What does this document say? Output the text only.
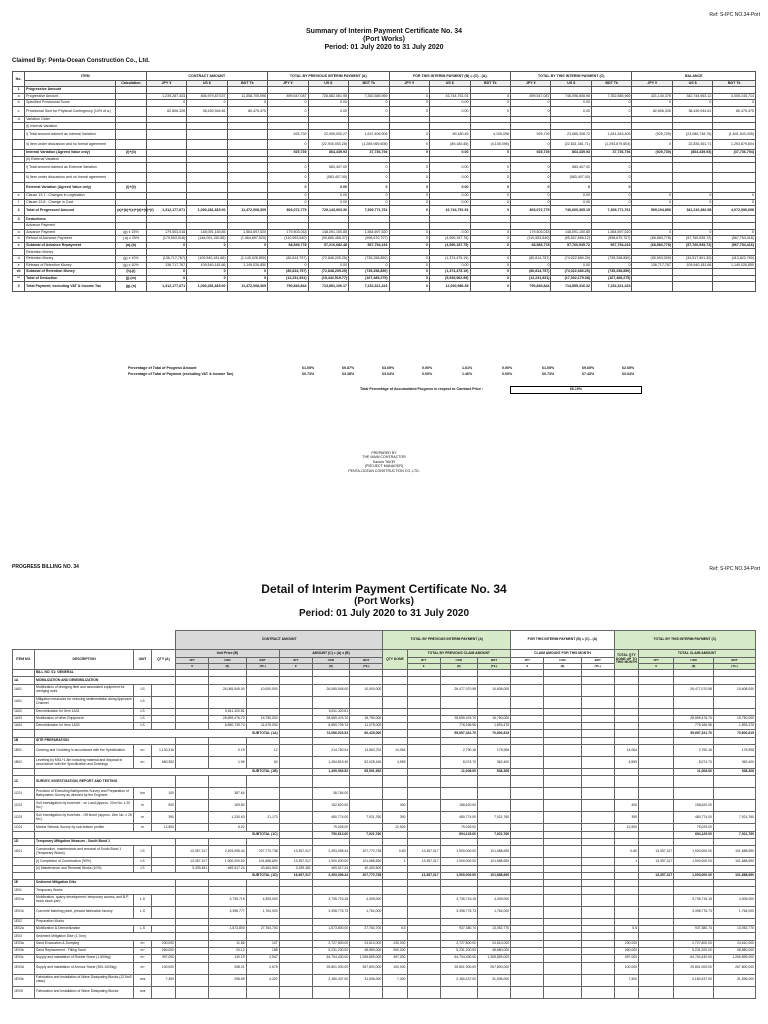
Ref: S-IPC NO.34-Port
Summary of Interim Payment Certificate No. 34
(Port Works)
Period: 01 July 2020 to 31 July 2020
Claimed By: Penta-Ocean Construction Co., Ltd.
No.	ITEM		CONTRACT AMOUNT			TOTAL BY PREVIOUS INTERIM PAYMENT (A)			FOR THIS INTERIM PAYMENT (B) = (C) - (A)			TOTAL BY THIS INTERIM PAYMENT (C)			BALANCE		
		Calculation	JPY ¥	US $	BDT Tk	JPY ¥	US $	BDT Tk	JPY ¥	US $	BDT Tk	JPY ¥	US $	BDT Tk	JPY ¥	US $	BDT Tk
1	Progressive Amount																
a	Progressive Amount		1,239,287,343	836,979,873.57	11,358,700,596	899,547,087	728,882,061.95	7,352,585,969	0	16,744,751.91	0	899,547,087	746,096,808.96	7,352,585,969	421,140,376	342,744,963.12	4,005,145,714
b	Specified Provisional Sums		0	0	0	0	0.00	0	0	0.00	0	0	0.00	0	0	0	0
c	Provisional Sum for Physical Contingency (10% of a.)		82,806,326	38,430,944.81	80,475,475	0	0.00	0	0	0.00	0	0	0.00	0	82,806,326	38,430,944.81	80,475,475
d	Variation Order																
	(i) Internal Variation																
	i) Total amount claimed as Internal Variation					925,739	22,995,000.27	1,637,406,906	0	89,180.45	4,105,096	925,739	23,085,308.72	1,641,543,405	(925,739)	(23,085,738.75)	(1,641,543,405)
	ii) Item under discussion and no formal agreement					0	(22,930,053.28)	(1,289,069,608)	0	(89,180.45)	(4,105,096)	0	(22,831,361.71)	(1,293,879,604)	0	22,830,361.71	1,293,879,604
	Internal Variation (Agreed Value only)	(i)+(ii)				925,739	864,439.93	37,736,794	0	0.00	0	925,739	864,439.93	37,736,794	(925,739)	(864,439.93)	(37,736,794)
	(ii) External Variation																
	i) Total amount claimed as External Variation					0	583,407.00	0	0	0.00	0	0	583,407.00	0			
	ii) Item under discussion and no formal agreement					0	(583,407.00)	0	0	0.00	0	0	(583,407.00)	0			
	External Variation (Agreed Value only)	(i)+(ii)				0	0.00	0	0	0.00	0	0	0	0			
e	Clause 13.7 : Changes in Legislation					0	0.00	0	0	0.00	0	0	0.00	0	0	0	0
f	Clause 13.8 : Change in Cost					0	0.00	0	0	0.00	0	0	0.00	0	0	0	0
2	Total of Progressed Amount	(a)+(b)+(c)+(d)+(e)+(f)	1,312,177,671	1,030,281,815.00	11,472,008,309	803,072,775	729,143,063.30	7,309,771,761	0	16,744,751.91	0	803,072,775	746,600,305.15	7,309,771,761	509,104,896	341,210,382.98	4,072,096,608
3	Deductions																
	Advance Payment																
a	Advance Payment	(g) x 15%	179,503,018	148,091,150.85	1,564,697,520	179,503,018	148,091,150.85	1,564,697,520	0	0.00	0	179,503,018	148,091,150.85	1,564,697,520	0	0	0
b	Refund of Advance Payment	( a) x 25%	(179,503,018)	(148,091,150.85)	(1,564,697,520)	(110,953,540)	(90,880,468.37)	(998,670,707)	0	(4,590,197.75)	0	(110,953,540)	(95,507,656.12)	(998,670,707)	(68,583,778)	(57,760,535.72)	(567,754,416)
c	Subtotal of Advance Repayment	(a)-(b)	0	0	0	68,549,778	57,210,682.48	567,754,416	0	(4,590,197.75)	0	68,583,778	57,760,535.72	567,754,416	(68,583,778)	(57,760,535.72)	(567,754,416)
	Retention Money																
d	Retention Money	(g) x 10%	(136,717,767)	(109,540,181.66)	(1,149,026,850)	(80,814,757)	(72,848,205.25)	(735,258,850)	0	(1,374,475.19)	0	(80,814,757)	(74,022,680.25)	(735,258,850)	(55,903,009)	(34,517,501.30)	(413,822,760)
e	Release of Retention Money	(g) x 10%	136,717,767	109,540,181.66	1,149,026,850	0	0.00	0	0	0.00	0	0	0.00	0	136,717,767	109,540,181.66	1,149,026,850
vii	Subtotal of Retention Money	(h)-(i)	0	0	0	(80,814,757)	(72,848,205.25)	(735,258,850)	0	(1,374,475.19)	0	(80,814,757)	(74,022,680.25)	(735,258,850)			
**	Total of Deduction	(j)-(m)	0	0	0	(12,231,931)	(15,442,519.77)	(167,489,275)	0	(5,935,962.95)	0	(12,231,931)	(17,002,175.08)	(167,489,275)			
3	Total Payment, excluding VAT & Income Tax	(g)-(n)	1,312,177,671	1,030,281,815.00	11,472,008,309	790,840,844	713,851,106.17	7,232,321,423	0	12,030,986.35	0	790,840,844	714,855,316.32	7,232,321,423			
Percentage of Total of Progress Amount	61.05%	69.87%	63.69%	0.00%	1.61%	0.00%	61.05%	69.65%	62.65%
Percentage of Total of Payment (excluding VAT & Income Tax)	60.73%	63.38%	63.04%	0.00%	1.46%	0.00%	60.73%	67.43%	63.04%
Total Percentage of Accumulated Progress in respect to Contract Price :	66.19%
PREPARED BY
THE MAIN CONTRACTOR
Kazuto TAKEI
(PROJECT MANAGER)
PENTA-OCEAN CONSTRUCTION CO.,LTD.
PROGRESS BILLING NO. 34	Ref: S-IPC NO.34-Port
Detail of Interim Payment Certificate No. 34
(Port Works)
Period: 01 July 2020 to 31 July 2020
				CONTRACT AMOUNT						TOTAL BY PREVIOUS INTERIM PAYMENT (A)				FOR THIS INTERIM PAYMENT (B) = (C) - (A)			TOTAL BY THIS INTERIM PAYMENT (C)			
ITEM NO.	DESCRIPTION	UNIT	QTY (A)	Unit Price (B)			AMOUNT (C) = (A) x (B)			QTY DONE	TOTAL BY PREVIOUS CLAIM AMOUNT			CLAIM AMOUNT FOR THIS MONTH			TOTAL QTY DONE UP TO THIS MONTH	TOTAL CLAIM AMOUNT		
				JPY	USD	BDT	JPY	USD	BDT		JPY	USD	BDT	JPY	USD	BDT		JPY	USD	BDT
				¥	($)	(Tk.)	¥	($)	(Tk.)		¥	($)	(Tk.)	¥	($)	(Tk.)		¥	($)	(Tk.)
	BILL NO. 01: GENERAL																			
1A	MOBILIZATION AND DEMOBILIZATION																			
1A01	Mobilization of dredging fleet and associated equipment for dredging work	LS			26,065,545.00	10,000,000		26,065,545.00	10,000,000			26,477,070.98	10,608,000						26,477,070.98	10,608,000
1A01	Mitigation measures for reducing sedimentation along Approach Channel	LS																		
1A02	Demobilization for Item 1A01	LS			5,811,320.81			5,811,320.81												
1A03	Mobilization of other Equipment	LS			28,659,476.70	15,750,000		28,659,476.70	15,750,000			28,659,476.70	15,750,000						28,659,476.70	15,750,000
1A04	Demobilization for Item 1A03	LS			8,850,739.74	11,075,000		8,850,739.74	11,075,000			776,166.96	1,893,475						776,166.96	1,893,475
	SUBTOTAL (1A)							74,086,023.53	60,425,000			55,697,331.70	70,600,815						55,697,331.70	70,600,815
1B	SITE PREPARATION																			
1B01	Clearing and Grubbing in accordance with the Specification	m²	1,130,316		0.19	12		214,760.04	13,563,792	14,064		2,790.16	175,908				14,064		2,790.16	175,908
1B02	Levelling by MSL+1.8m including material and disposal in accordance with the Specification and Drawings	m³	650,352		1.96	60		1,284,819.40	52,028,160	4,559		8,074.70	362,400				4,559		8,074.70	362,400
	SUBTOTAL (1B)							1,499,553.52	65,591,952			11,008.00	538,308						11,008.00	538,308
1C	SURVEY, INVESTIGATION, REPORT AND TESTING																			
1C01	Provision of Executing Bathymetric Survey and Preparation of Bathymetric Survey as directed by the Engineer	km	100		387.64			38,764.00												
1C02	Soil Investigation by borehole - on Land (approx. 20m No. x 20 No.)	m	900		169.80			152,820.00		400		158,620.00					400		158,620.00	
1C03	Soil Investigation by borehole - Off shore (approx. 15m No. x 26 No.)	m	390		1,230.63	21,173		480,774.00	7,921,760	390		480,774.00	7,921,760				390		480,774.00	7,921,760
1C04	Marine Seismic Survey by sub-bottom profiler	m	12,500		6.02			75,025.00		12,500		75,025.00					12,500		75,025.00	
	SUBTOTAL (1C)							750,613.00	7,921,760			694,129.00	7,921,760						694,129.00	7,921,760
1D	Temporary Mitigation Measure - South Bund 1																			
1D01	Construction, maintenance and removal of South Bund 1 (Temporary Works)	LS		13,357,317	2,493,096.44	207,770,738	13,357,317	2,493,096.44	207,770,738	0.60	13,357,317	1,900,000.00	101,688,690				0.60	13,357,317	1,900,000.00	101,688,690
	(i) Completion of Construction (90%)	LS		13,357,317	1,900,000.00	101,688,690	13,357,317	1,900,000.00	101,688,690	1	13,357,317	1,900,000.00	101,688,690				1	13,357,317	1,900,000.00	101,688,690
	(ii) Maintenance and Removal Works (10%)	LS		3,339,481	469,517.24	40,463,500	3,339,481	469,517.24	40,463,500											
	SUBTOTAL (1D)						16,697,317	2,493,096.44	207,770,738		13,357,317	1,900,000.00	101,688,690					13,357,317	1,900,000.00	101,688,690
1E	Sediment Mitigation Dike																			
1E01	Temporary Works																			
1E01a	Mobilization, quarry development, temporary access, and B.P. block stock yard	L.S			3,735,715	4,305,000		3,735,715.15	4,305,000			3,735,715.15	4,305,000						3,735,715.15	4,305,000
1E01b	Concrete batching plant, precast fabrication factory	L.S			3,398,777	1,764,000		3,398,776.73	1,764,000			3,398,776.73	1,764,000						3,398,776.73	1,764,000
1E02	Preparation Works																			
1E02a	Mobilization & Demobilization	L.S			1,873,800	27,764,700		1,873,800.00	27,764,700	0.5		937,380.74	13,052,770				0.5		937,380.74	13,052,770
1E03	Sediment Mitigation Dike (1.7km)																			
1E03a	Sand Excavation & Dumping	m³	230,000		11.86	107		2,727,800.00	24,610,000	230,000		2,727,800.00	24,610,000				230,000		2,727,800.00	24,610,000
1E03b	Sand Replacement - Filling Sand	m³	260,000		20.12	188		5,231,200.00	48,880,000	260,000		5,231,200.00	48,880,000				260,000		5,231,200.00	48,880,000
1E03c	Supply and installation of Rubble Stone (1-500kg)	m³	497,000		130.19	2,547		64,704,430.00	1,265,859,000	497,000		64,704,430.00	1,265,859,000				497,000		64,704,430.00	1,265,859,000
1E03d	Supply and installation of Armour Stone (300-1000kg)	m³	100,000		258.01	2,678		25,801,000.00	267,800,000	100,000		25,801,000.00	267,800,000				100,000		25,801,000.00	267,800,000
1E03e	Fabrication and Installation of Wave Dissipating Blocks (12.5m3 class)	nos	7,300		298.69	4,320		2,180,437.00	31,536,000	7,300		2,180,437.00	31,536,000				7,300		2,180,437.00	31,536,000
1E03f	Fabrication and Installation of Wave Dissipating Blocks	nos																		
